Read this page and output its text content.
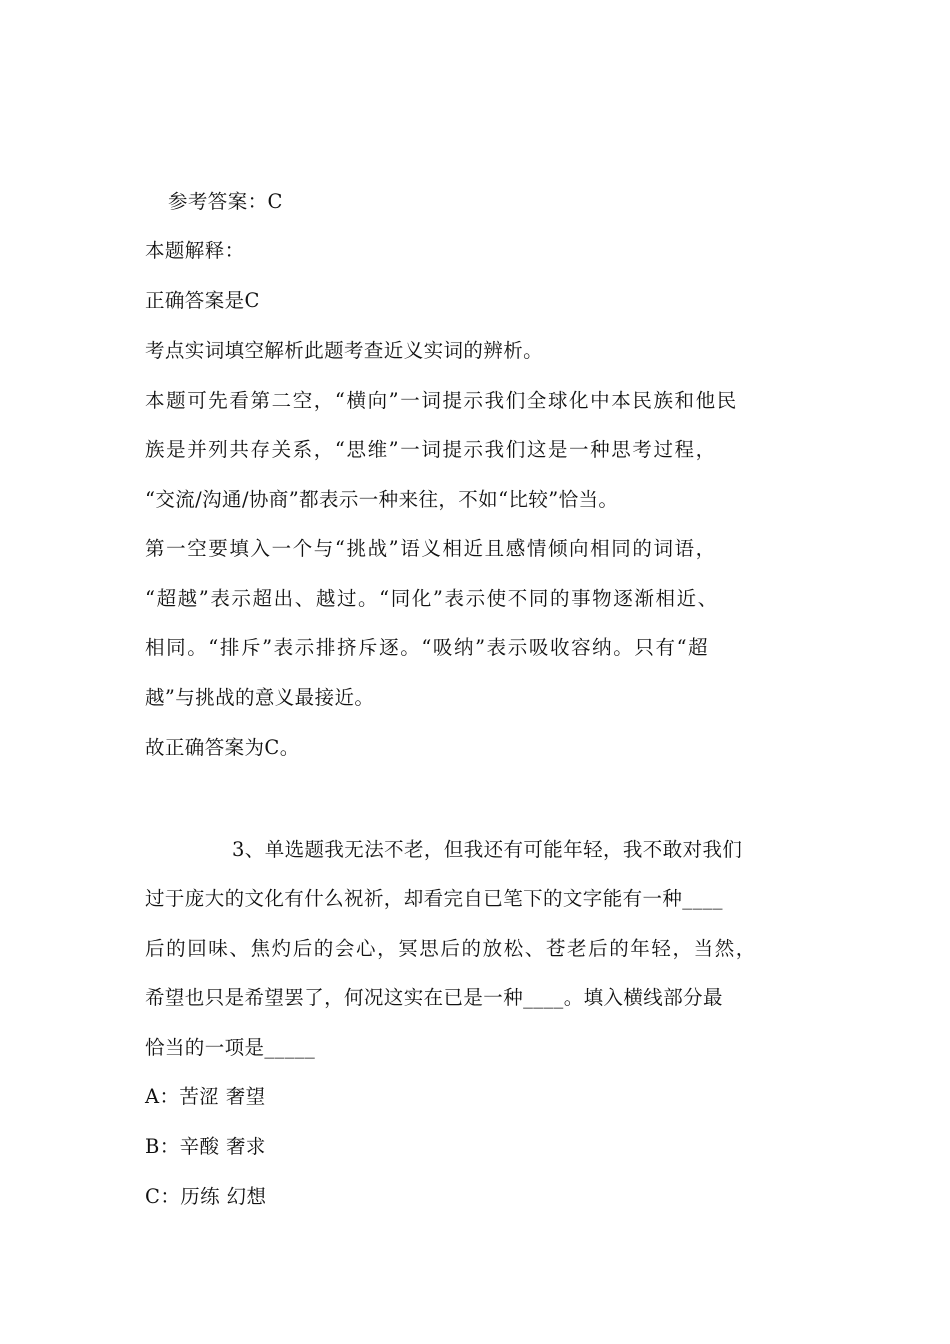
参考答案：C
本题解释：
正确答案是C
考点实词填空解析此题考查近义实词的辨析。
本题可先看第二空，“横向”一词提示我们全球化中本民族和他民
族是并列共存关系，“思维”一词提示我们这是一种思考过程，
“交流/沟通/协商”都表示一种来往，不如“比较”恰当。
第一空要填入一个与“挑战”语义相近且感情倾向相同的词语，
“超越”表示超出、越过。“同化”表示使不同的事物逐渐相近、
相同。“排斥”表示排挤斥逐。“吸纳”表示吸收容纳。只有“超
越”与挑战的意义最接近。
故正确答案为C。
3、单选题我无法不老，但我还有可能年轻，我不敢对我们
过于庞大的文化有什么祝祈，却看完自已笔下的文字能有一种____
后的回味、焦灼后的会心，冥思后的放松、苍老后的年轻，当然，
希望也只是希望罢了，何况这实在已是一种____。填入横线部分最
恰当的一项是_____
A：苦涩 奢望
B：辛酸 奢求
C：历练 幻想
